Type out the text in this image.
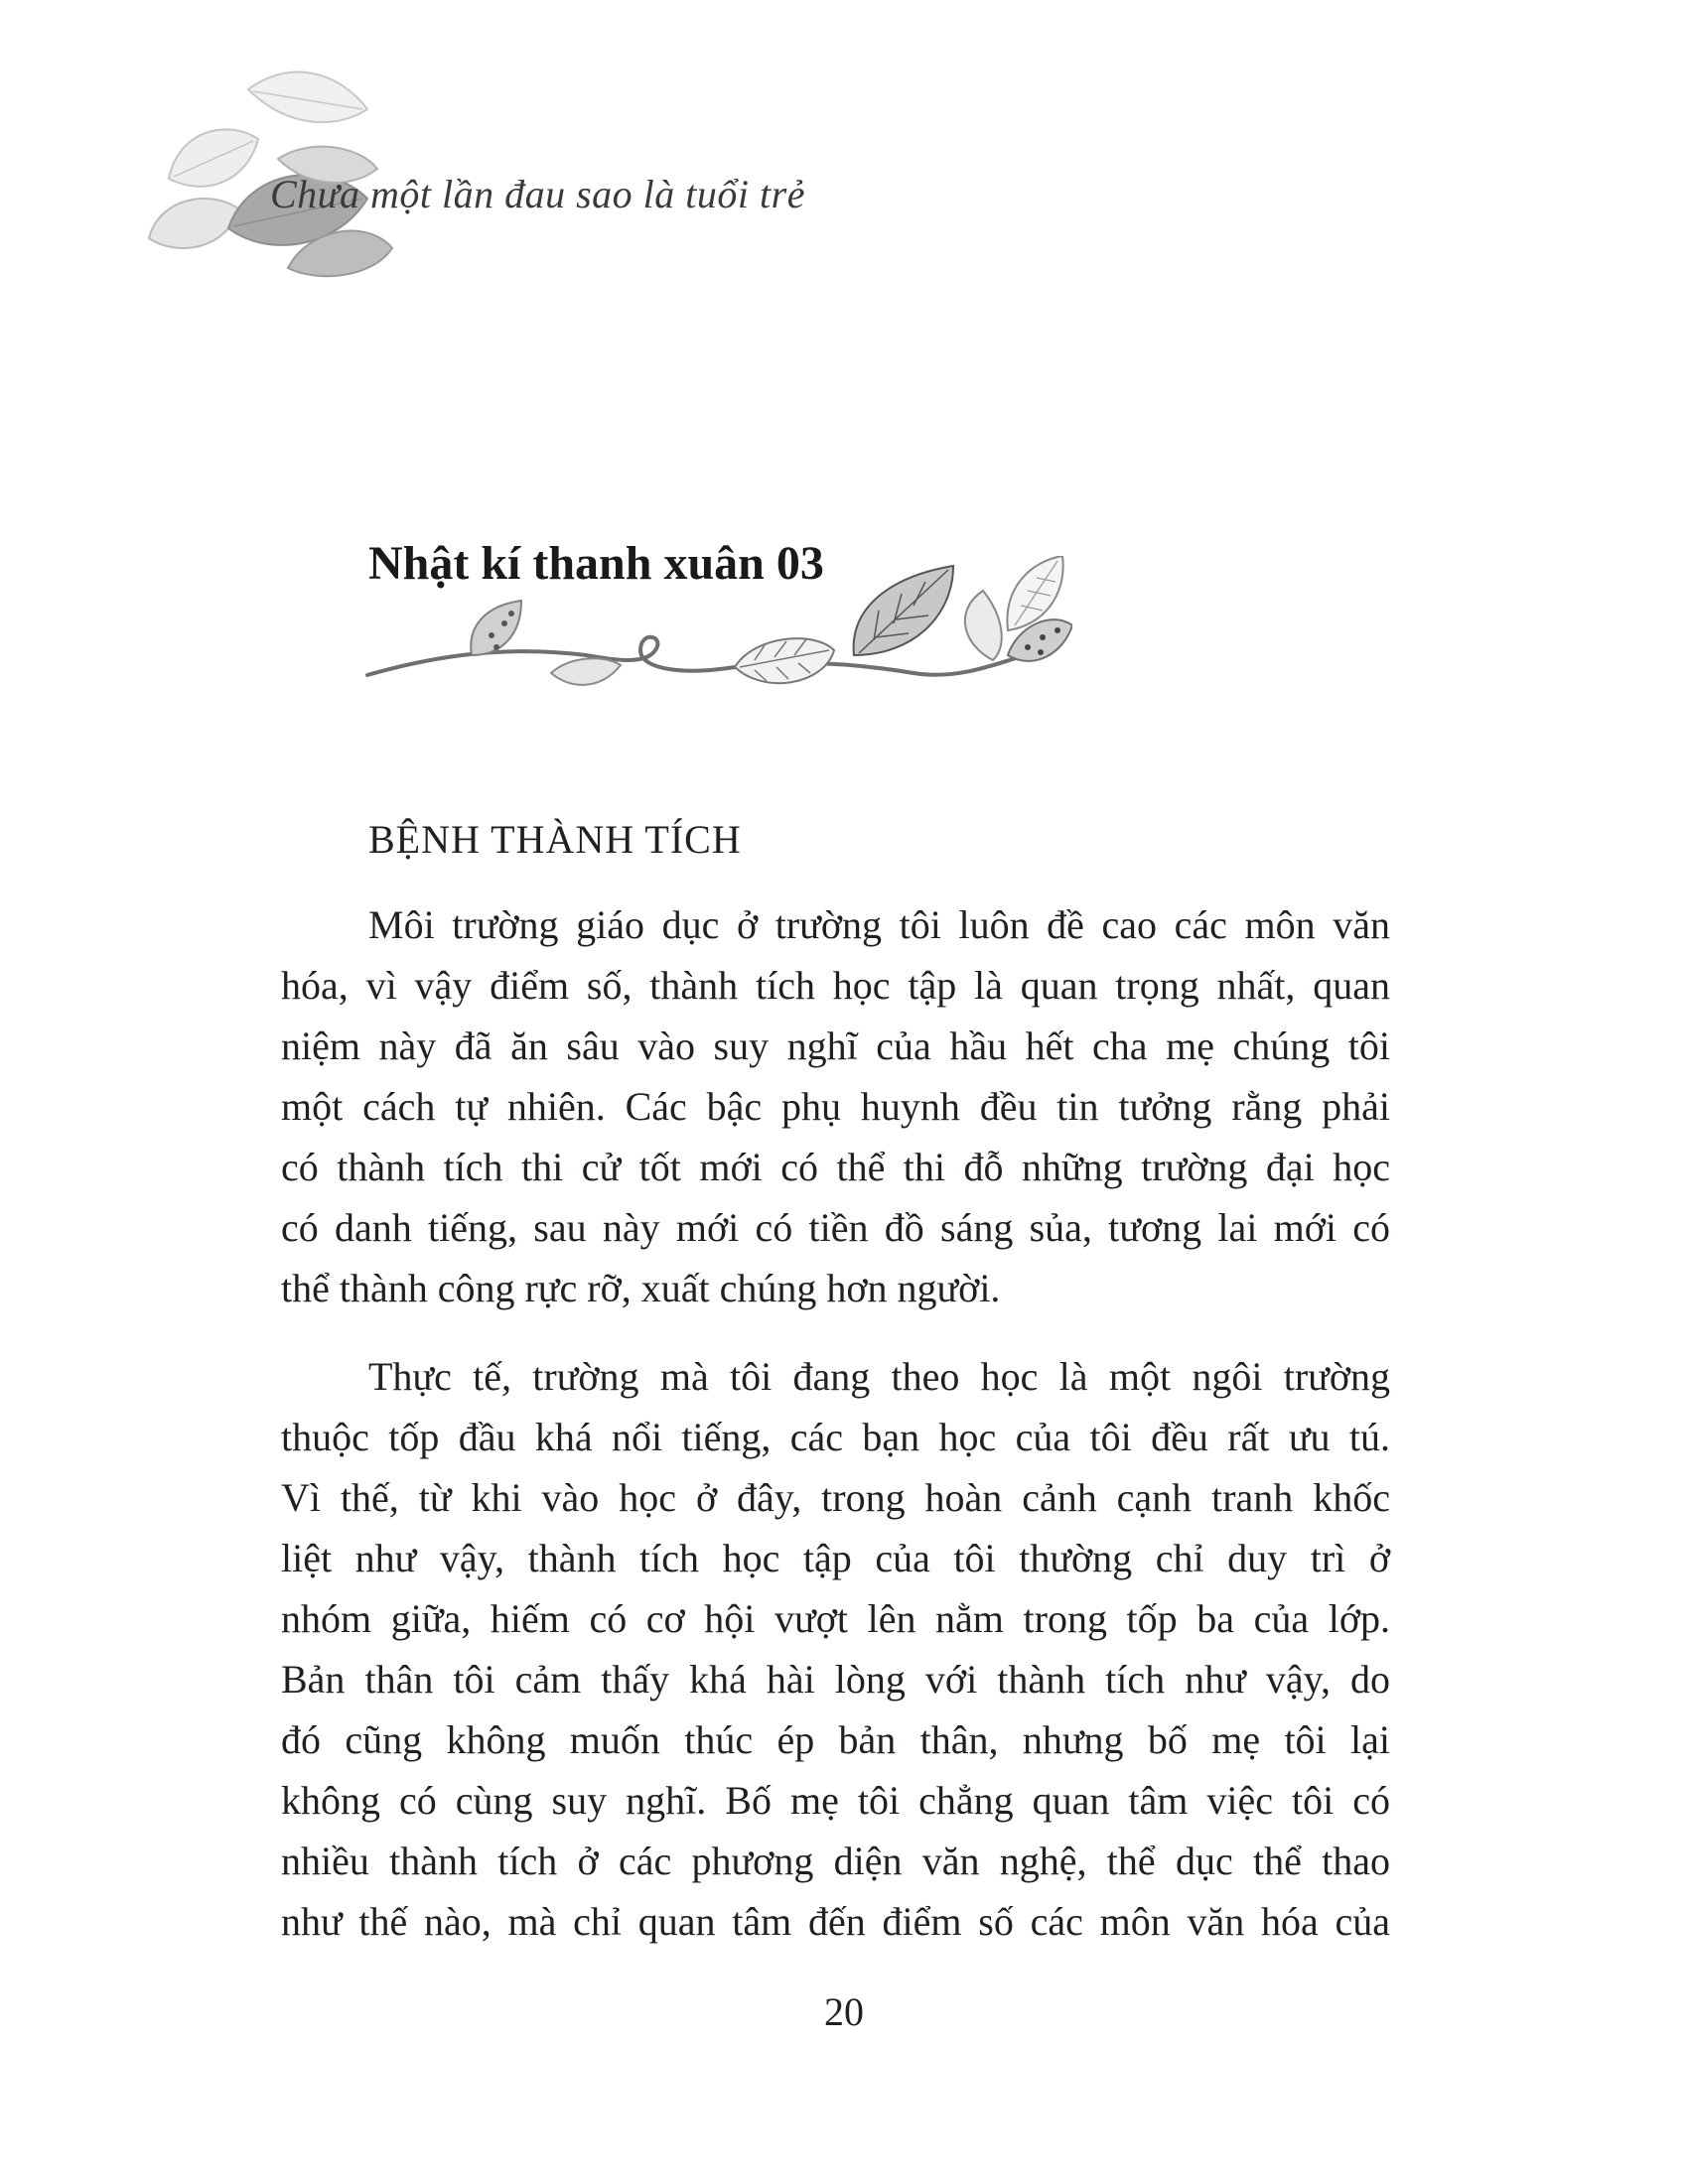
Chưa một lần đau sao là tuổi trẻ
Nhật kí thanh xuân 03
BỆNH THÀNH TÍCH
Môi trường giáo dục ở trường tôi luôn đề cao các môn văn
hóa, vì vậy điểm số, thành tích học tập là quan trọng nhất, quan
niệm này đã ăn sâu vào suy nghĩ của hầu hết cha mẹ chúng tôi
một cách tự nhiên. Các bậc phụ huynh đều tin tưởng rằng phải
có thành tích thi cử tốt mới có thể thi đỗ những trường đại học
có danh tiếng, sau này mới có tiền đồ sáng sủa, tương lai mới có
thể thành công rực rỡ, xuất chúng hơn người.
Thực tế, trường mà tôi đang theo học là một ngôi trường
thuộc tốp đầu khá nổi tiếng, các bạn học của tôi đều rất ưu tú.
Vì thế, từ khi vào học ở đây, trong hoàn cảnh cạnh tranh khốc
liệt như vậy, thành tích học tập của tôi thường chỉ duy trì ở
nhóm giữa, hiếm có cơ hội vượt lên nằm trong tốp ba của lớp.
Bản thân tôi cảm thấy khá hài lòng với thành tích như vậy, do
đó cũng không muốn thúc ép bản thân, nhưng bố mẹ tôi lại
không có cùng suy nghĩ. Bố mẹ tôi chẳng quan tâm việc tôi có
nhiều thành tích ở các phương diện văn nghệ, thể dục thể thao
như thế nào, mà chỉ quan tâm đến điểm số các môn văn hóa của
20
